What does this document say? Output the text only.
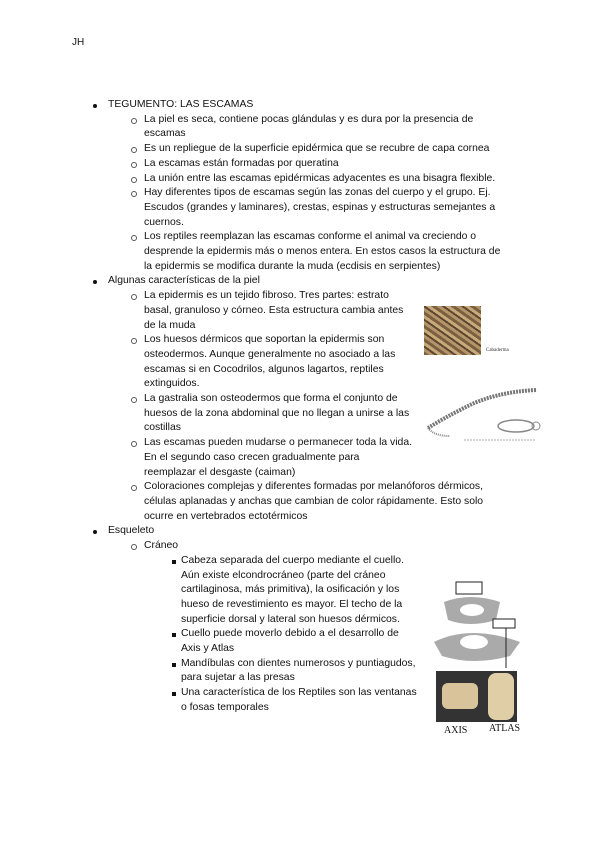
JH
TEGUMENTO: LAS ESCAMAS
La piel es seca, contiene pocas glándulas y es dura por la presencia de escamas
Es un repliegue de la superficie epidérmica que se recubre de capa cornea
La escamas están formadas por queratina
La unión entre las escamas epidérmicas adyacentes es una bisagra flexible.
Hay diferentes tipos de escamas según las zonas del cuerpo y el grupo. Ej. Escudos (grandes y laminares), crestas, espinas y estructuras semejantes a cuernos.
Los reptiles reemplazan las escamas conforme el animal va creciendo o desprende la epidermis más o menos entera. En estos casos la estructura de la epidermis se modifica durante la muda (ecdisis en serpientes)
Algunas características de la piel
La epidermis es un tejido fibroso. Tres partes: estrato basal, granuloso y córneo. Esta estructura cambia antes de la muda
Los huesos dérmicos que soportan la epidermis son osteodermos. Aunque generalmente no asociado a las escamas si en Cocodrilos, algunos lagartos, reptiles extinguidos.
La gastralia son osteodermos que forma el conjunto de huesos de la zona abdominal que no llegan a unirse a las costillas
Las escamas pueden mudarse o permanecer toda la vida. En el segundo caso crecen gradualmente para reemplazar el desgaste (caiman)
Coloraciones complejas y diferentes formadas por melanóforos dérmicos, células aplanadas y anchas que cambian de color rápidamente. Esto solo ocurre en vertebrados ectotérmicos
Esqueleto
Cráneo
Cabeza separada del cuerpo mediante el cuello. Aún existe elcondrocráneo (parte del cráneo cartilaginosa, más primitiva), la osificación y los hueso de revestimiento es mayor. El techo de la superficie dorsal y lateral son huesos dérmicos.
Cuello puede moverlo debido a el desarrollo de Axis y Atlas
Mandíbulas con dientes numerosos y puntiagudos, para sujetar a las presas
Una característica de los Reptiles son las ventanas o fosas temporales
Cabaderma
AXIS ATLAS
